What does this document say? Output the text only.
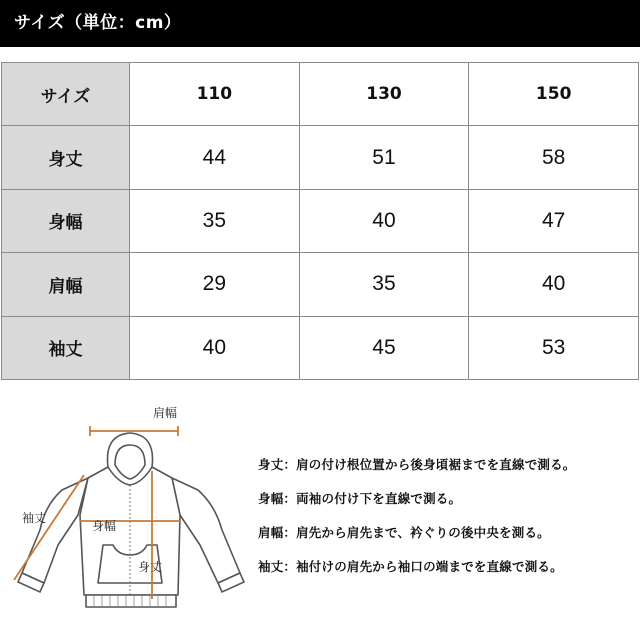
サイズ（単位：cm）
サイズ	110	130	150
身丈	44	51	58
身幅	35	40	47
肩幅	29	35	40
袖丈	40	45	53
肩幅
袖丈
身幅
身丈
身丈：肩の付け根位置から後身頃裾までを直線で測る。
身幅：両袖の付け下を直線で測る。
肩幅：肩先から肩先まで、衿ぐりの後中央を測る。
袖丈：袖付けの肩先から袖口の端までを直線で測る。
